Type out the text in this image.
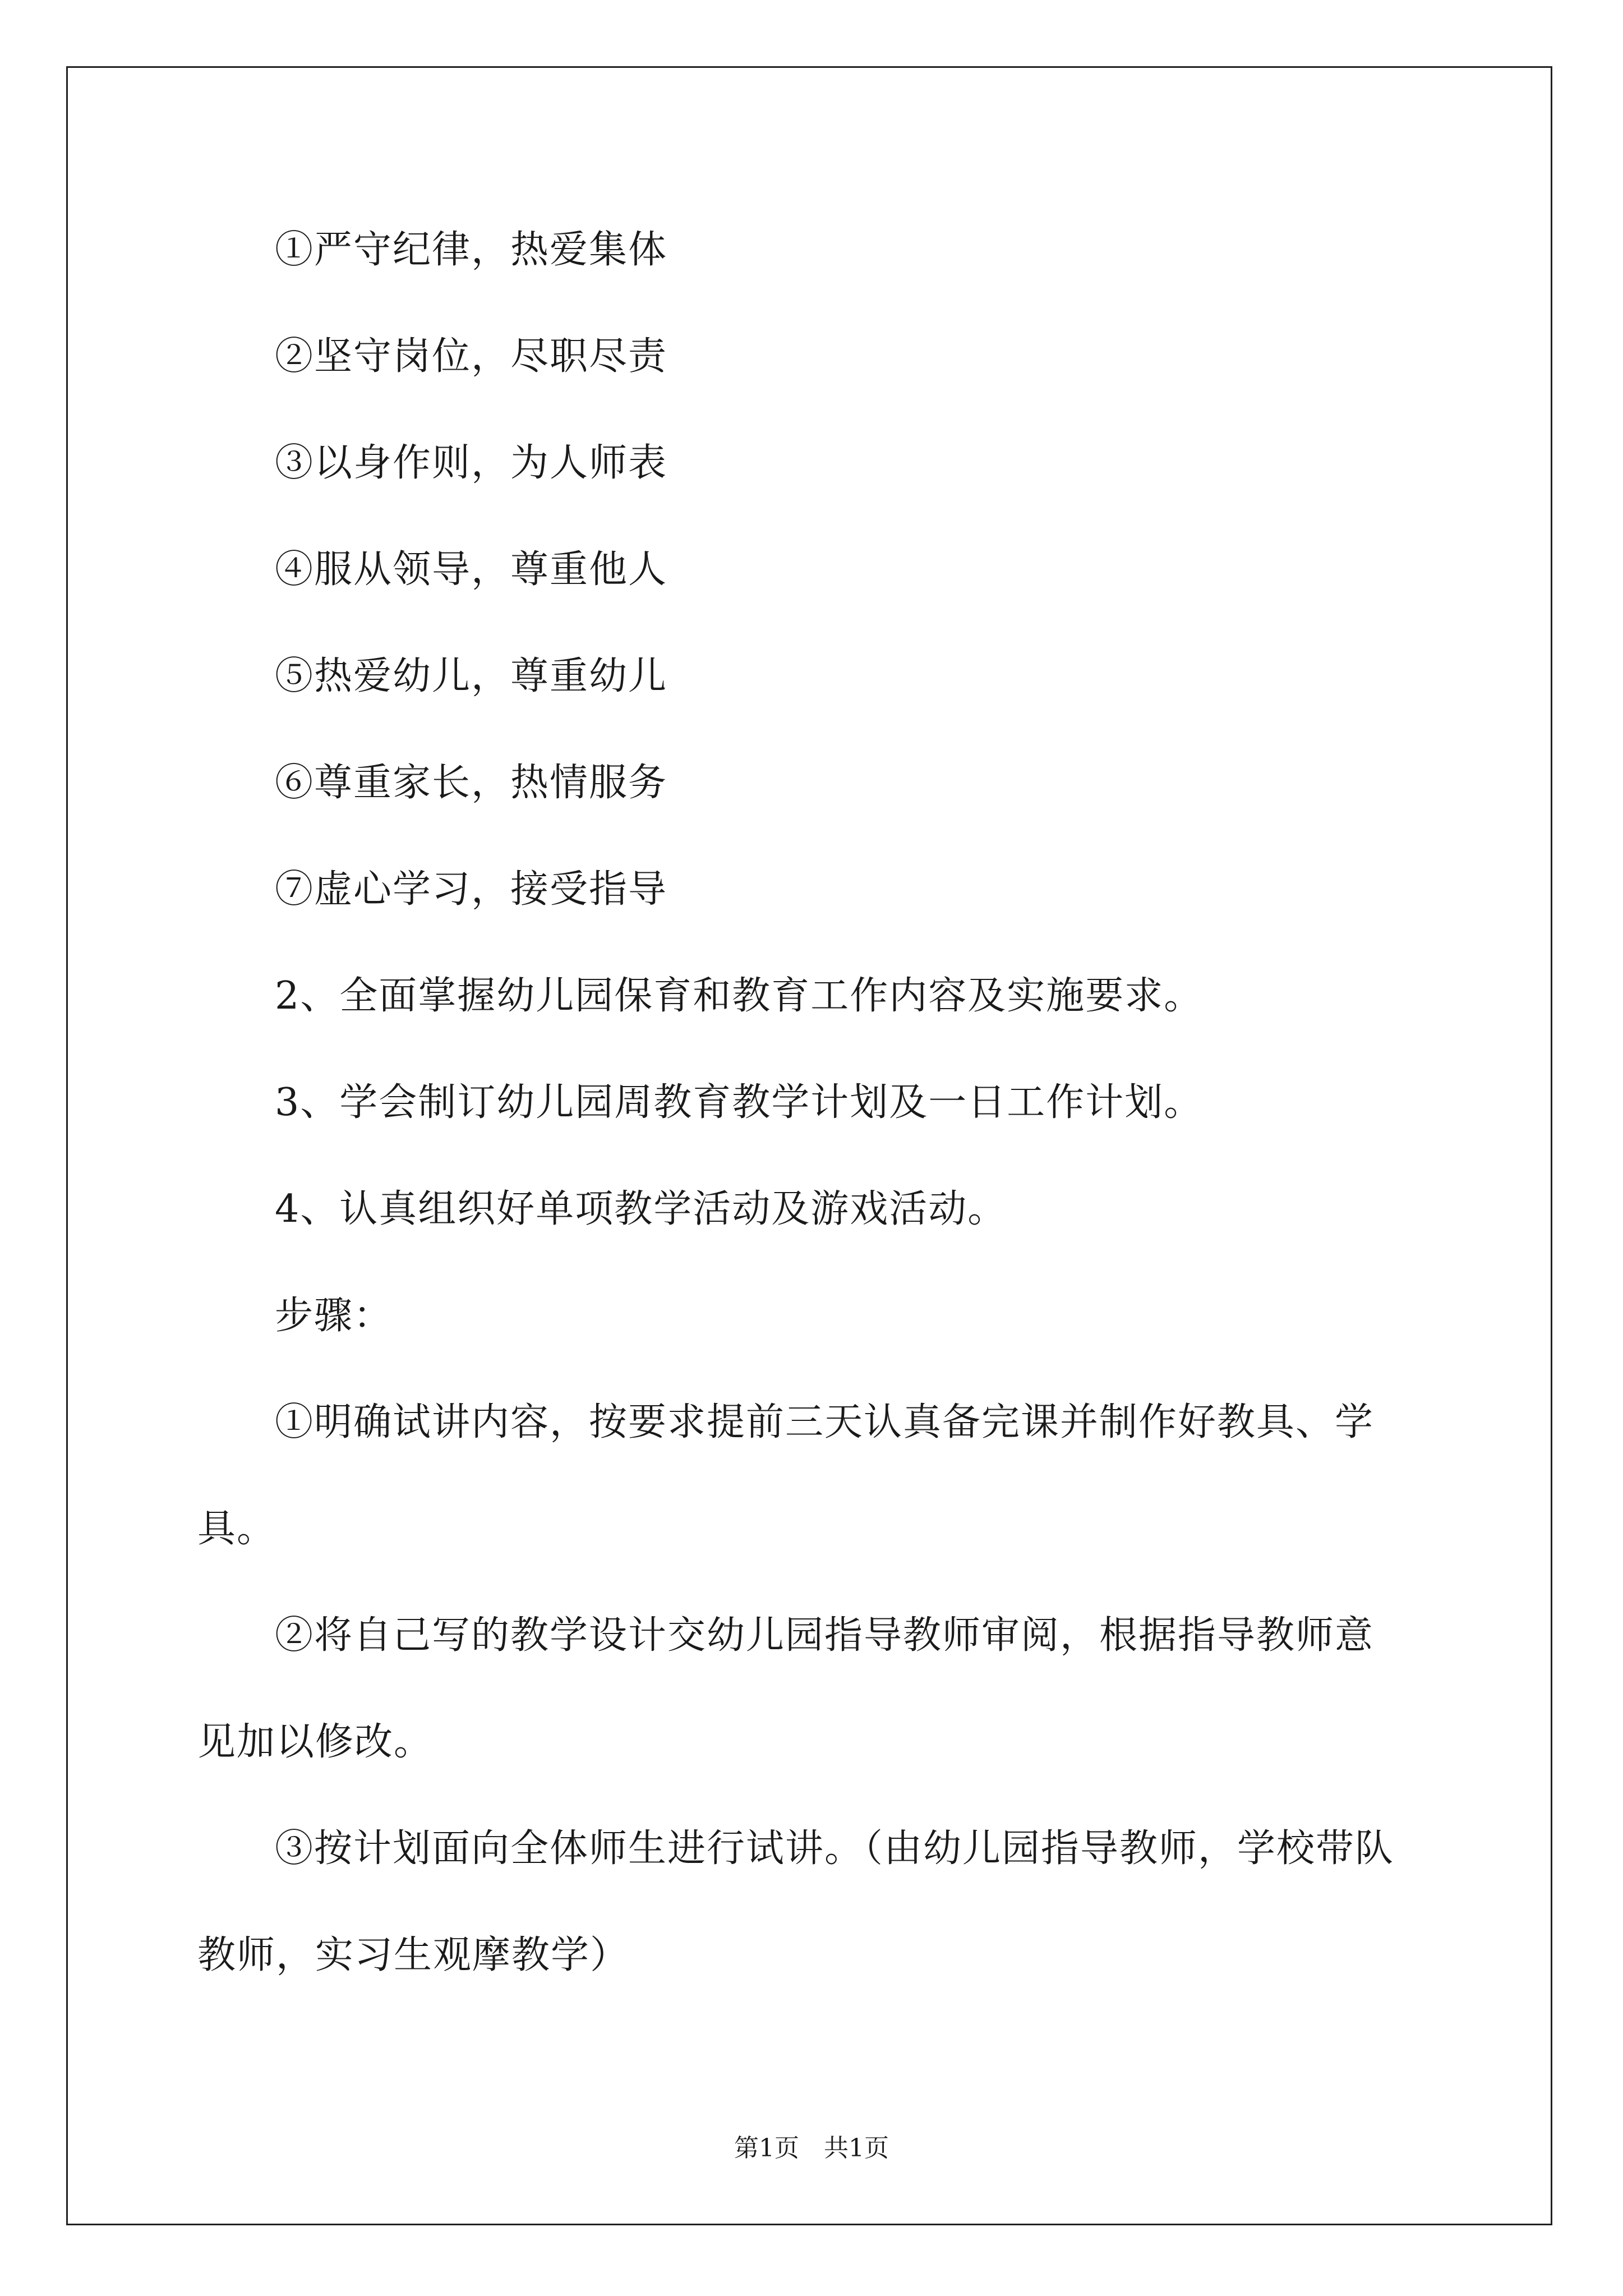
①严守纪律，热爱集体
②坚守岗位，尽职尽责
③以身作则，为人师表
④服从领导，尊重他人
⑤热爱幼儿，尊重幼儿
⑥尊重家长，热情服务
⑦虚心学习，接受指导
2、全面掌握幼儿园保育和教育工作内容及实施要求。
3、学会制订幼儿园周教育教学计划及一日工作计划。
4、认真组织好单项教学活动及游戏活动。
步骤：
①明确试讲内容，按要求提前三天认真备完课并制作好教具、学
具。
②将自己写的教学设计交幼儿园指导教师审阅，根据指导教师意
见加以修改。
③按计划面向全体师生进行试讲。（由幼儿园指导教师，学校带队
教师，实习生观摩教学）
第1页　共1页
